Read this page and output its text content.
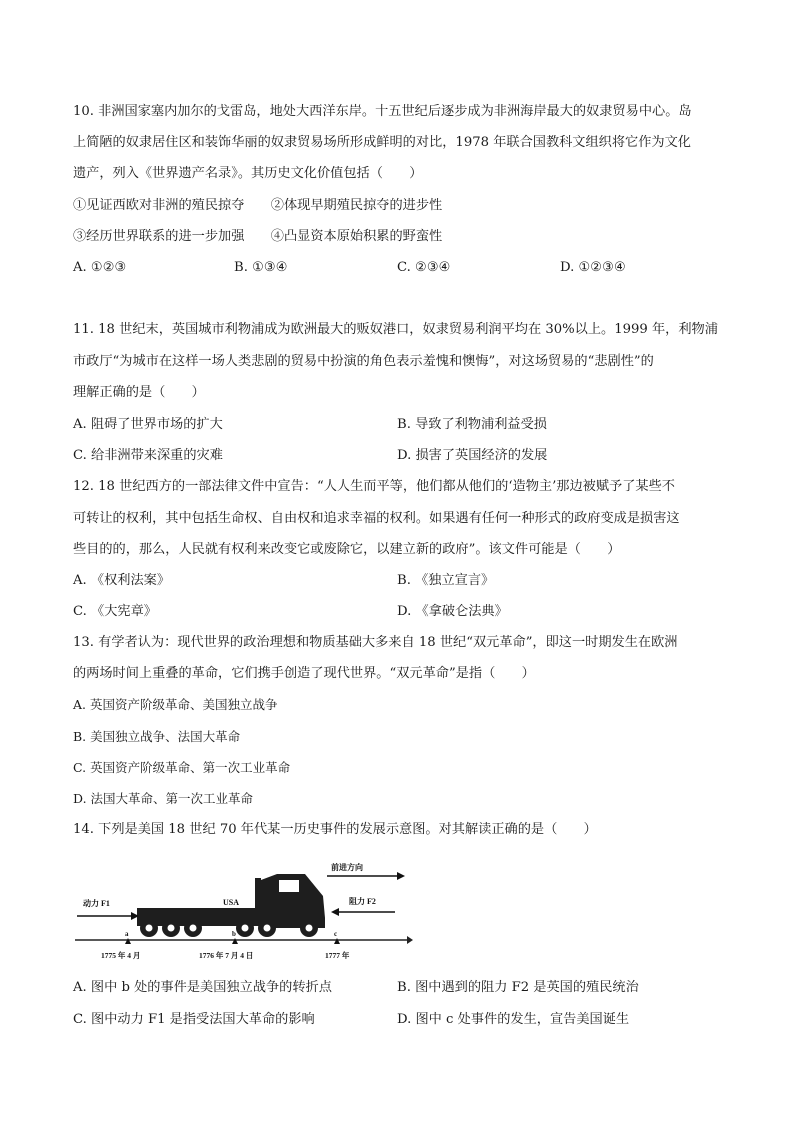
10. 非洲国家塞内加尔的戈雷岛，地处大西洋东岸。十五世纪后逐步成为非洲海岸最大的奴隶贸易中心。岛
上简陋的奴隶居住区和装饰华丽的奴隶贸易场所形成鲜明的对比，1978 年联合国教科文组织将它作为文化
遗产，列入《世界遗产名录》。其历史文化价值包括（　　）
①见证西欧对非洲的殖民掠夺　　②体现早期殖民掠夺的进步性
③经历世界联系的进一步加强　　④凸显资本原始积累的野蛮性
A. ①②③	B. ①③④	C. ②③④	D. ①②③④
11. 18 世纪末，英国城市利物浦成为欧洲最大的贩奴港口，奴隶贸易利润平均在 30%以上。1999 年，利物浦
市政厅“为城市在这样一场人类悲剧的贸易中扮演的角色表示羞愧和懊悔”，对这场贸易的“悲剧性”的
理解正确的是（　　）
A. 阻碍了世界市场的扩大	B. 导致了利物浦利益受损
C. 给非洲带来深重的灾难	D. 损害了英国经济的发展
12. 18 世纪西方的一部法律文件中宣告：“人人生而平等，他们都从他们的‘造物主’那边被赋予了某些不
可转让的权利，其中包括生命权、自由权和追求幸福的权利。如果遇有任何一种形式的政府变成是损害这
些目的的，那么，人民就有权利来改变它或废除它，以建立新的政府”。该文件可能是（　　）
A. 《权利法案》	B. 《独立宣言》
C. 《大宪章》	D. 《拿破仑法典》
13. 有学者认为：现代世界的政治理想和物质基础大多来自 18 世纪“双元革命”，即这一时期发生在欧洲
的两场时间上重叠的革命，它们携手创造了现代世界。“双元革命”是指（　　）
A. 英国资产阶级革命、美国独立战争
B. 美国独立战争、法国大革命
C. 英国资产阶级革命、第一次工业革命
D. 法国大革命、第一次工业革命
14. 下列是美国 18 世纪 70 年代某一历史事件的发展示意图。对其解读正确的是（　　）
USA
前进方向
动力 F1	阻力 F2
a
1775 年 4 月
b
1776 年 7 月 4 日
c
1777 年
A. 图中 b 处的事件是美国独立战争的转折点	B. 图中遇到的阻力 F2 是英国的殖民统治
C. 图中动力 F1 是指受法国大革命的影响	D. 图中 c 处事件的发生，宣告美国诞生
